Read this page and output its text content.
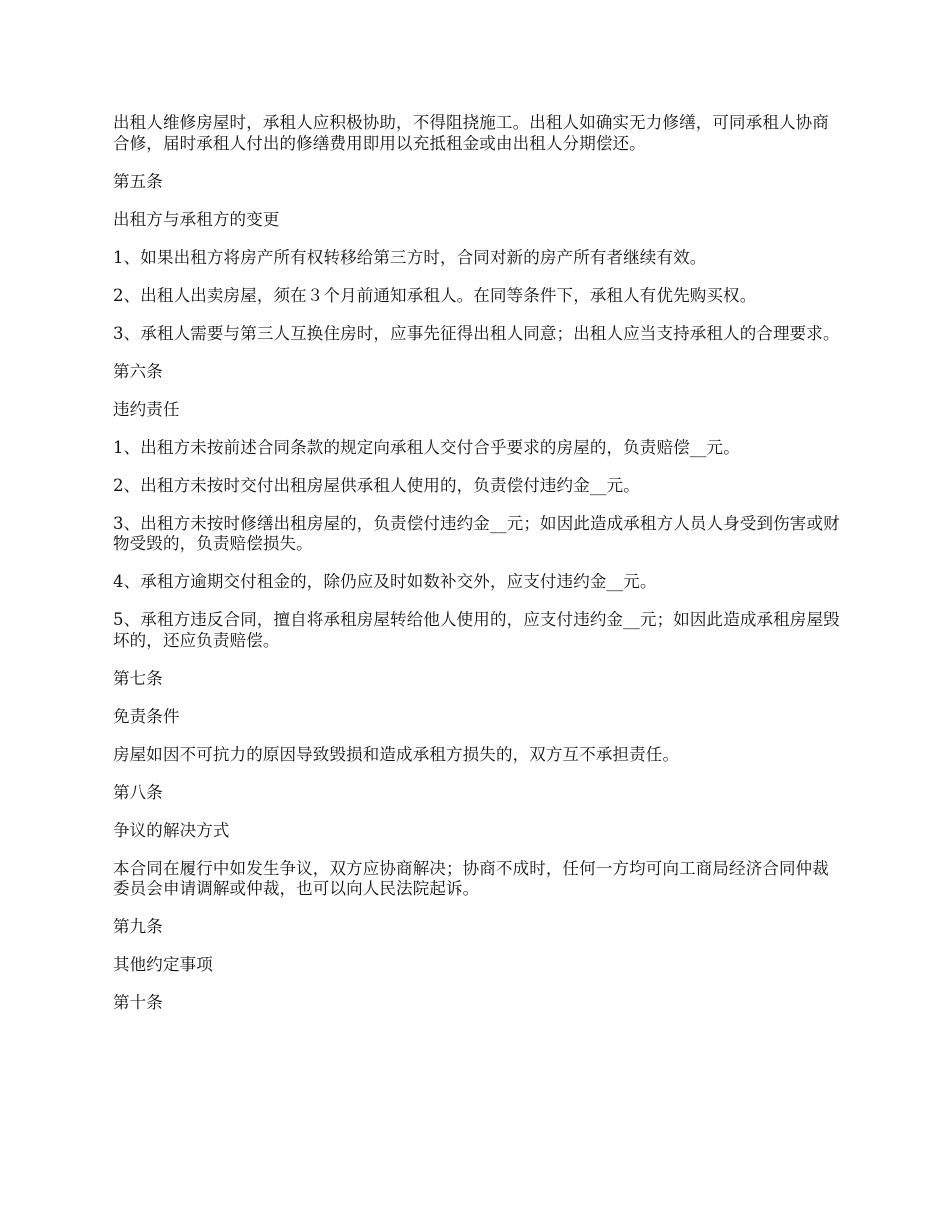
出租人维修房屋时，承租人应积极协助，不得阻挠施工。出租人如确实无力修缮，可同承租人协商合修，届时承租人付出的修缮费用即用以充抵租金或由出租人分期偿还。

第五条

出租方与承租方的变更

1、如果出租方将房产所有权转移给第三方时，合同对新的房产所有者继续有效。

2、出租人出卖房屋，须在３个月前通知承租人。在同等条件下，承租人有优先购买权。

3、承租人需要与第三人互换住房时，应事先征得出租人同意；出租人应当支持承租人的合理要求。

第六条

违约责任

1、出租方未按前述合同条款的规定向承租人交付合乎要求的房屋的，负责赔偿__元。

2、出租方未按时交付出租房屋供承租人使用的，负责偿付违约金__元。

3、出租方未按时修缮出租房屋的，负责偿付违约金__元；如因此造成承租方人员人身受到伤害或财物受毁的，负责赔偿损失。

4、承租方逾期交付租金的，除仍应及时如数补交外，应支付违约金__元。

5、承租方违反合同，擅自将承租房屋转给他人使用的，应支付违约金__元；如因此造成承租房屋毁坏的，还应负责赔偿。

第七条

免责条件

房屋如因不可抗力的原因导致毁损和造成承租方损失的，双方互不承担责任。

第八条

争议的解决方式

本合同在履行中如发生争议，双方应协商解决；协商不成时，任何一方均可向工商局经济合同仲裁委员会申请调解或仲裁，也可以向人民法院起诉。

第九条

其他约定事项

第十条
